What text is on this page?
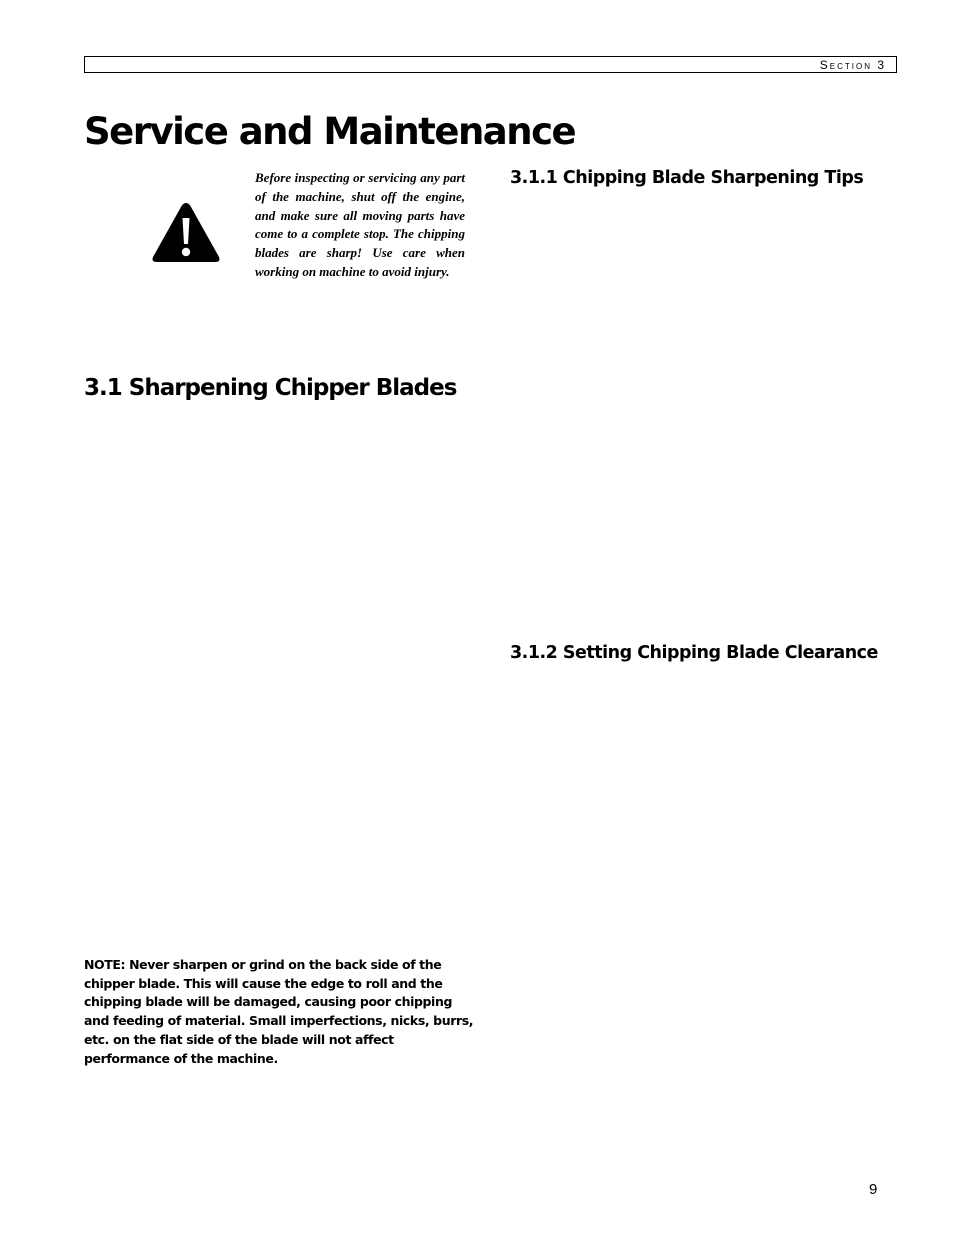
Section 3
Service and Maintenance

Before inspecting or servicing any part of the machine, shut off the engine, and make sure all moving parts have come to a complete stop. The chipping blades are sharp! Use care when working on machine to avoid injury.

3.1.1 Chipping Blade Sharpening Tips
3.1 Sharpening Chipper Blades
3.1.2 Setting Chipping Blade Clearance

NOTE: Never sharpen or grind on the back side of the chipper blade. This will cause the edge to roll and the chipping blade will be damaged, causing poor chipping and feeding of material. Small imperfections, nicks, burrs, etc. on the flat side of the blade will not affect performance of the machine.

9
